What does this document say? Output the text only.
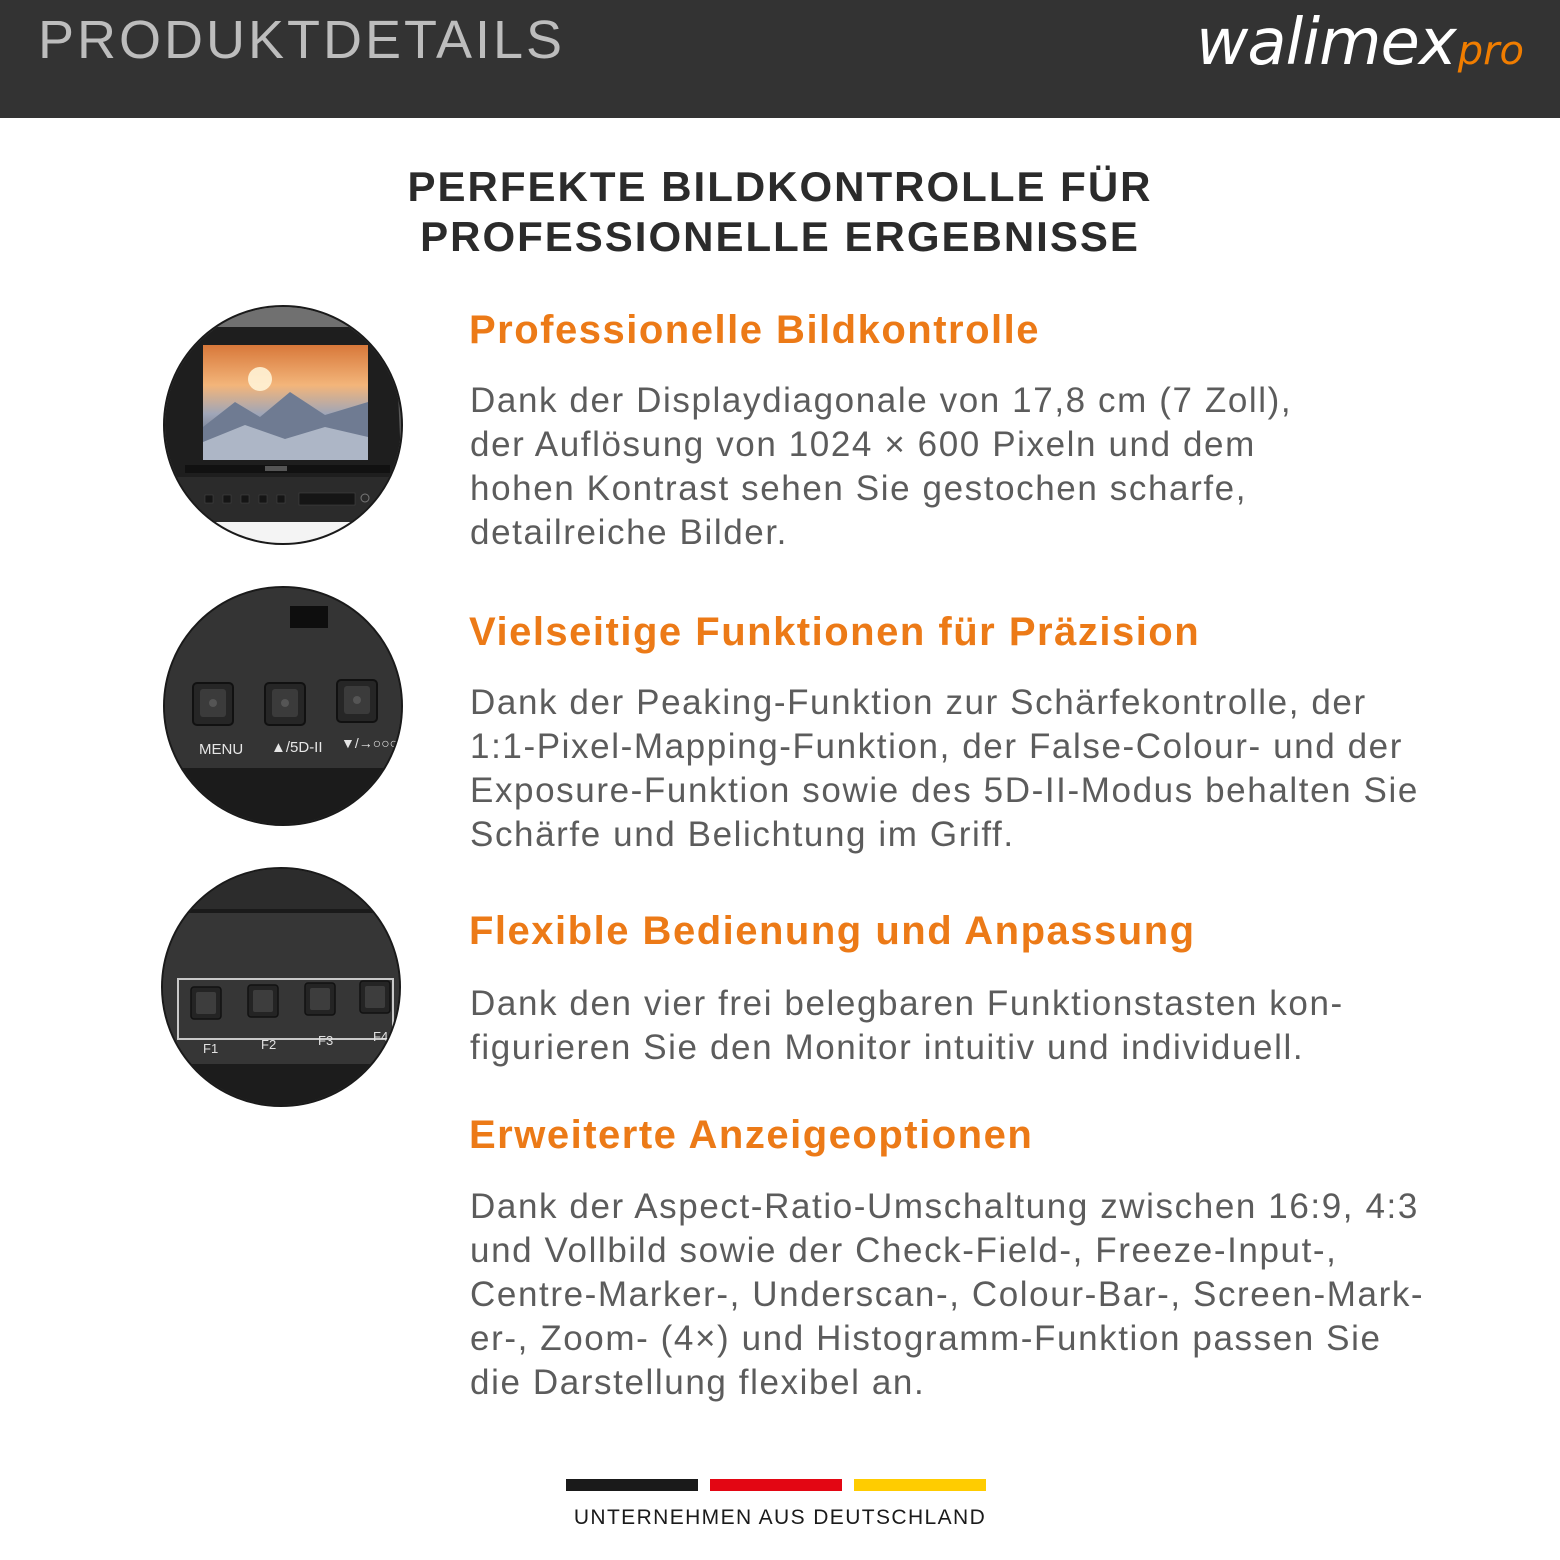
PRODUKTDETAILS	walimexpro
PERFEKTE BILDKONTROLLE FÜR
PROFESSIONELLE ERGEBNISSE
MENU ▲/5D-II ▼/→○○○
F1	F2	F3	F4
Professionelle Bildkontrolle
Dank der Displaydiagonale von 17,8 cm (7 Zoll),
der Auflösung von 1024 × 600 Pixeln und dem
hohen Kontrast sehen Sie gestochen scharfe,
detailreiche Bilder.
Vielseitige Funktionen für Präzision
Dank der Peaking-Funktion zur Schärfekontrolle, der
1:1-Pixel-Mapping-Funktion, der False-Colour- und der
Exposure-Funktion sowie des 5D-II-Modus behalten Sie
Schärfe und Belichtung im Griff.
Flexible Bedienung und Anpassung
Dank den vier frei belegbaren Funktionstasten kon-
figurieren Sie den Monitor intuitiv und individuell.
Erweiterte Anzeigeoptionen
Dank der Aspect-Ratio-Umschaltung zwischen 16:9, 4:3
und Vollbild sowie der Check-Field-, Freeze-Input-,
Centre-Marker-, Underscan-, Colour-Bar-, Screen-Mark-
er-, Zoom- (4×) und Histogramm-Funktion passen Sie
die Darstellung flexibel an.
UNTERNEHMEN AUS DEUTSCHLAND
